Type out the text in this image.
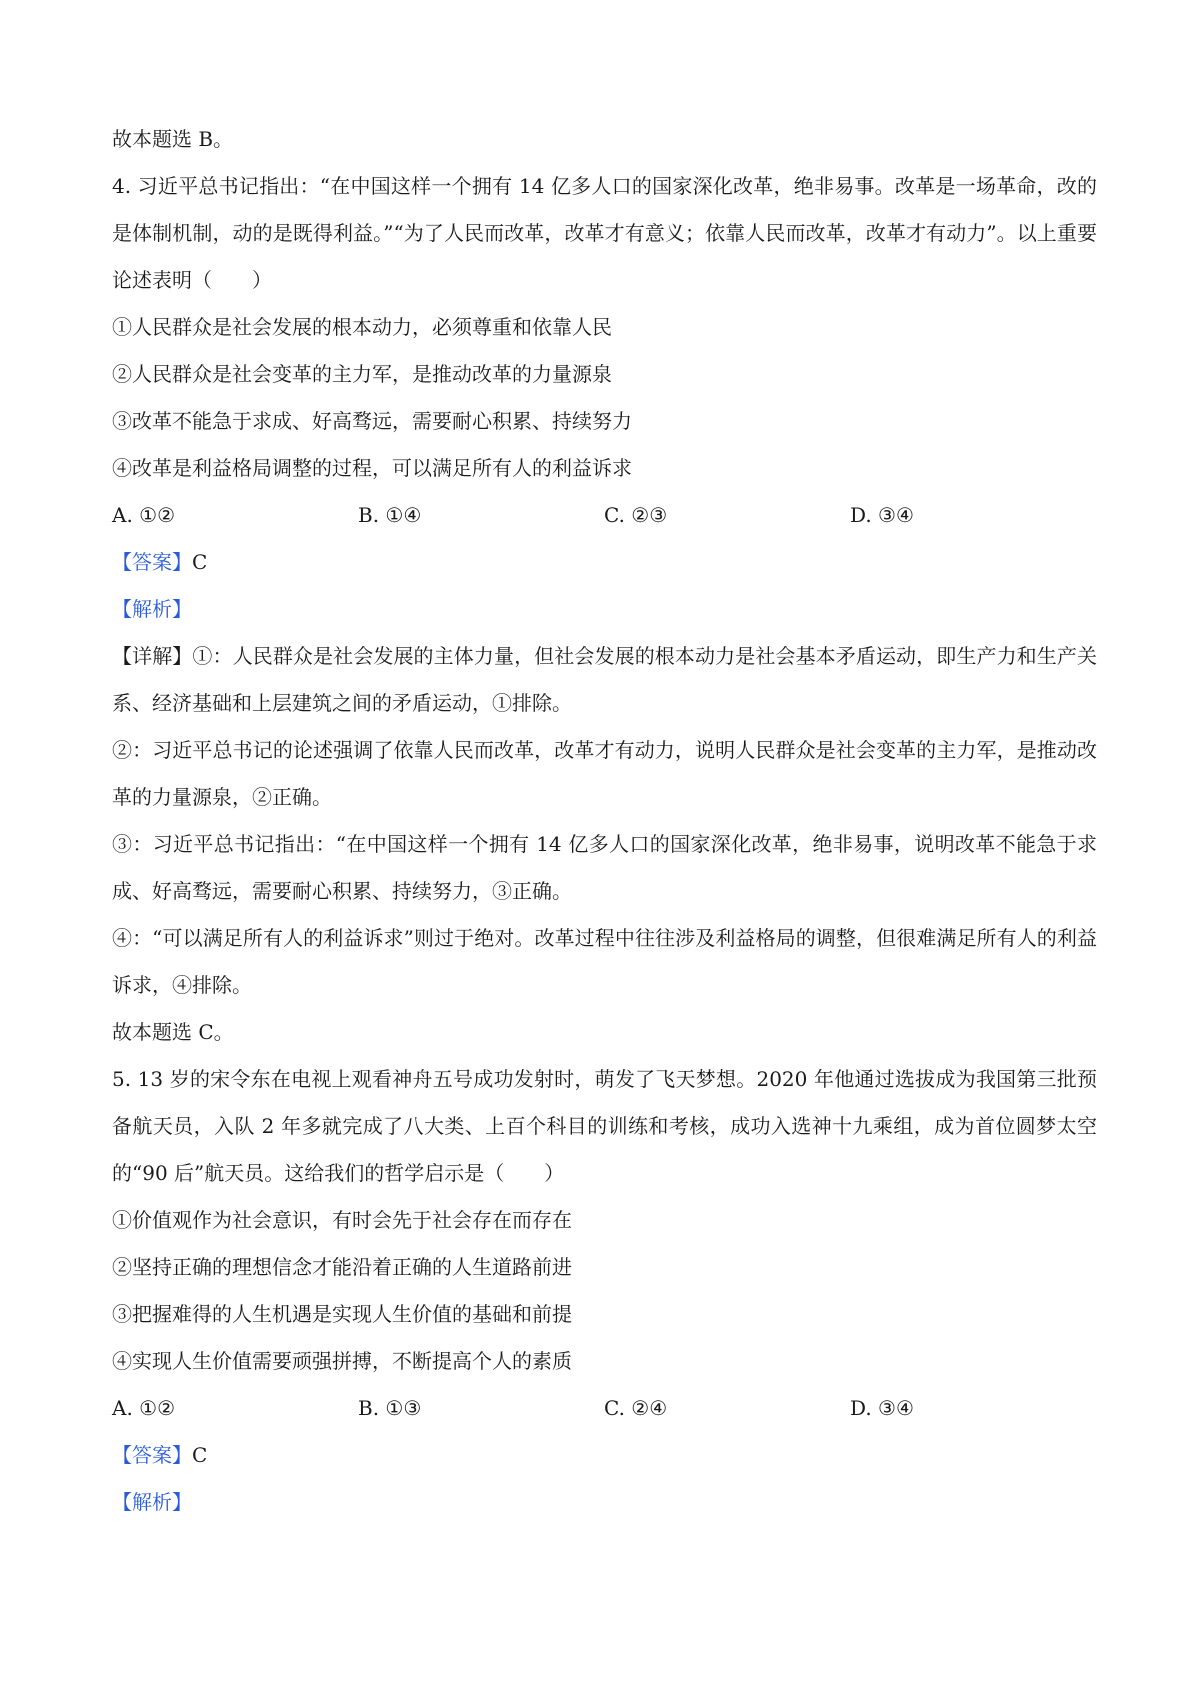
故本题选 B。
4. 习近平总书记指出：“在中国这样一个拥有 14 亿多人口的国家深化改革，绝非易事。改革是一场革命，改的是体制机制，动的是既得利益。”“为了人民而改革，改革才有意义；依靠人民而改革，改革才有动力”。以上重要论述表明（　　）
①人民群众是社会发展的根本动力，必须尊重和依靠人民
②人民群众是社会变革的主力军，是推动改革的力量源泉
③改革不能急于求成、好高骛远，需要耐心积累、持续努力
④改革是利益格局调整的过程，可以满足所有人的利益诉求
A. ①②	B. ①④	C. ②③	D. ③④
【答案】C
【解析】
【详解】①：人民群众是社会发展的主体力量，但社会发展的根本动力是社会基本矛盾运动，即生产力和生产关系、经济基础和上层建筑之间的矛盾运动，①排除。
②：习近平总书记的论述强调了依靠人民而改革，改革才有动力，说明人民群众是社会变革的主力军，是推动改革的力量源泉，②正确。
③：习近平总书记指出：“在中国这样一个拥有 14 亿多人口的国家深化改革，绝非易事，说明改革不能急于求成、好高骛远，需要耐心积累、持续努力，③正确。
④：“可以满足所有人的利益诉求”则过于绝对。改革过程中往往涉及利益格局的调整，但很难满足所有人的利益诉求，④排除。
故本题选 C。
5. 13 岁的宋令东在电视上观看神舟五号成功发射时，萌发了飞天梦想。2020 年他通过选拔成为我国第三批预备航天员，入队 2 年多就完成了八大类、上百个科目的训练和考核，成功入选神十九乘组，成为首位圆梦太空的“90 后”航天员。这给我们的哲学启示是（　　）
①价值观作为社会意识，有时会先于社会存在而存在
②坚持正确的理想信念才能沿着正确的人生道路前进
③把握难得的人生机遇是实现人生价值的基础和前提
④实现人生价值需要顽强拼搏，不断提高个人的素质
A. ①②	B. ①③	C. ②④	D. ③④
【答案】C
【解析】
